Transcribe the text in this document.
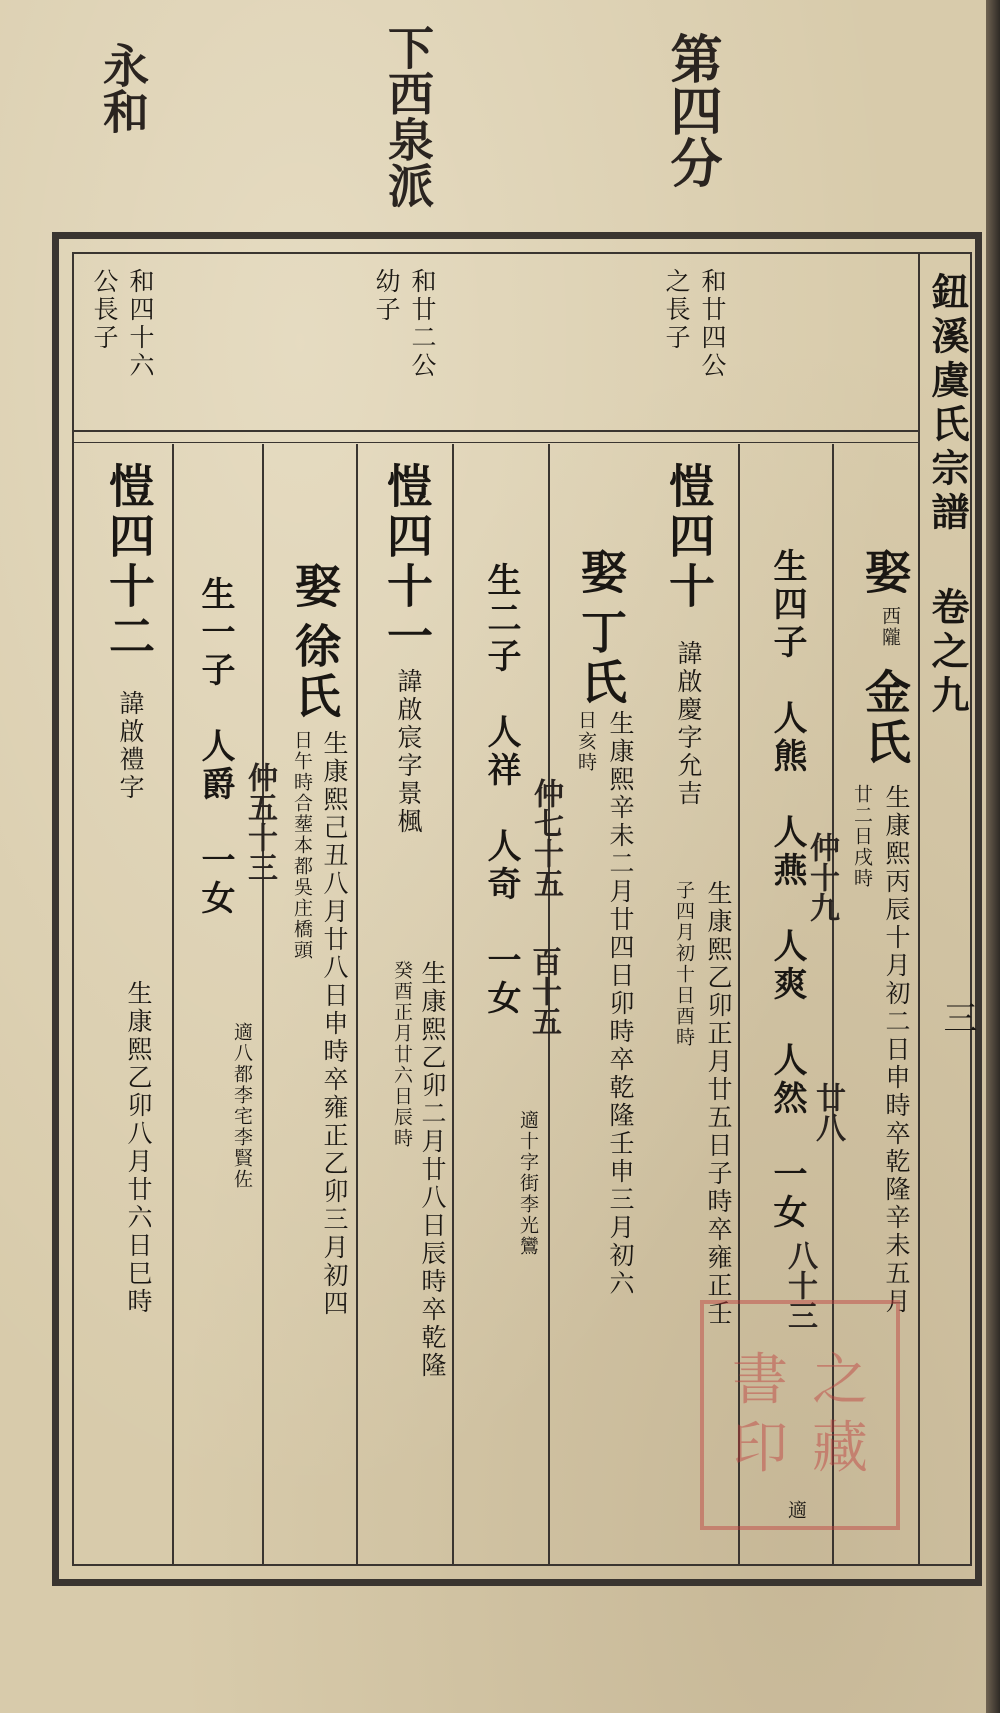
第四分
下西泉派
永和
鈕溪虞氏宗譜 卷之九
三
和廿四公
之長子
和廿二公
幼子
和四十六
公長子
娶
西隴
金氏
生康熙丙辰十月初二日申時卒乾隆辛未五月
廿二日戌時
生四子　人熊　人燕　人爽　人然　一女
適
愷四十
諱啟慶字允吉
生康熙乙卯正月廿五日子時卒雍正壬
子四月初十日酉時
娶
丁氏
生康熙辛未二月廿四日卯時卒乾隆壬申三月初六
日亥時
生二子　人祥　人奇　一女
適十字街李光鸞
愷四十一
諱啟宸字景楓
生康熙乙卯二月廿八日辰時卒乾隆
癸酉正月廿六日辰時
娶
徐氏
生康熙己丑八月廿八日申時卒雍正乙卯三月初四
日午時合塟本都吳庄橋頭
生一子　人爵　一女
適八都李宅李賢佐
愷四十二
諱啟禮字
生康熙乙卯八月廿六日巳時
仲十九
廿八
八十三
仲七十五
百十五
仲五十三
書 之
印 藏
